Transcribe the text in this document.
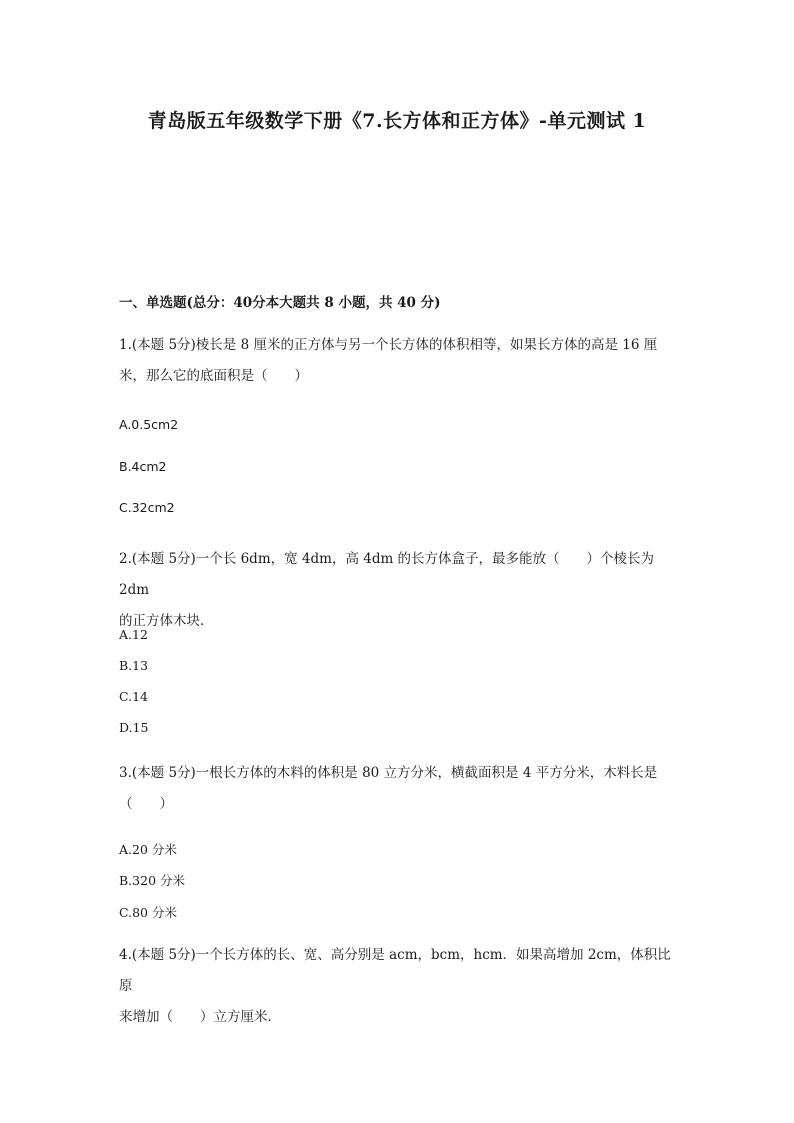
青岛版五年级数学下册《7.长方体和正方体》-单元测试 1
一、单选题(总分：40分本大题共 8 小题，共 40 分)
1.(本题 5分)棱长是 8 厘米的正方体与另一个长方体的体积相等，如果长方体的高是 16 厘
米，那么它的底面积是（　　）
A.0.5cm2
B.4cm2
C.32cm2
2.(本题 5分)一个长 6dm，宽 4dm，高 4dm 的长方体盒子，最多能放（　　）个棱长为 2dm
的正方体木块．
A.12
B.13
C.14
D.15
3.(本题 5分)一根长方体的木料的体积是 80 立方分米，横截面积是 4 平方分米，木料长是
（　　）
A.20 分米
B.320 分米
C.80 分米
4.(本题 5分)一个长方体的长、宽、高分别是 acm，bcm，hcm．如果高增加 2cm，体积比原
来增加（　　）立方厘米．
